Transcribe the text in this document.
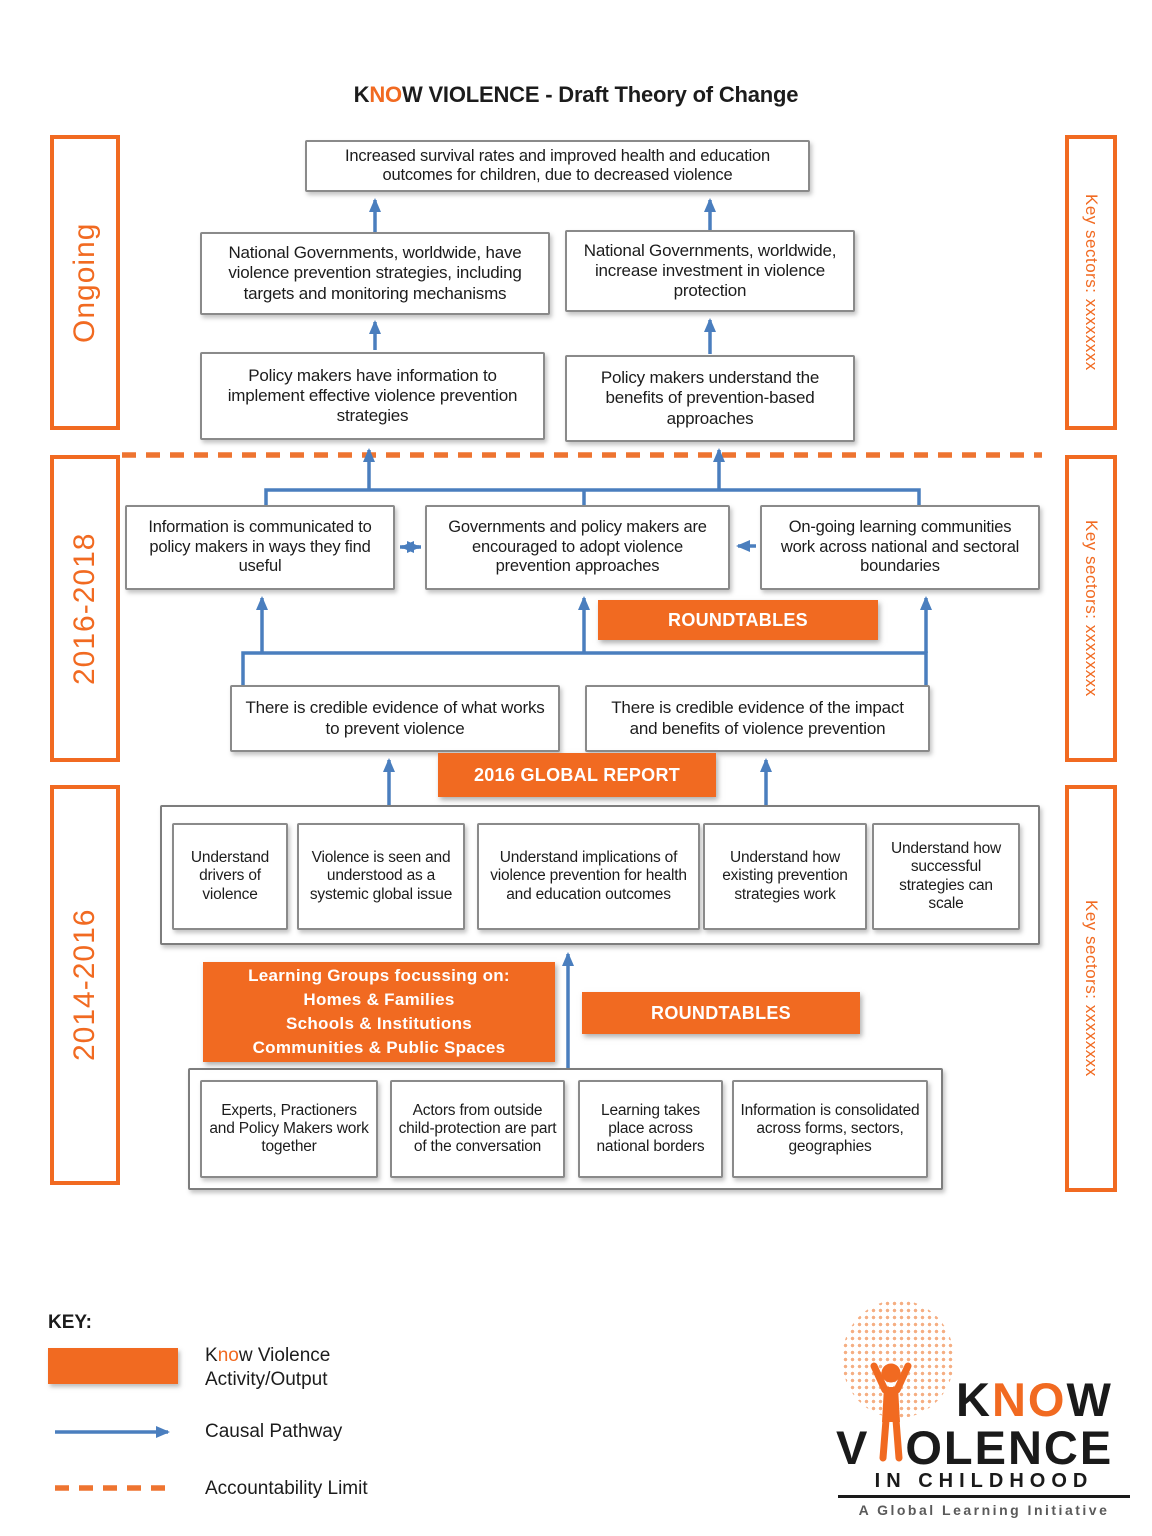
KNOW VIOLENCE - Draft Theory of Change
Ongoing
2016-2018
2014-2016
Key sectors: xxxxxxxx
Key sectors: xxxxxxxx
Key sectors: xxxxxxxx
Increased survival rates and improved health and education outcomes for children, due to decreased violence
National Governments, worldwide, have violence prevention strategies, including targets and monitoring mechanisms
National Governments, worldwide, increase investment in violence protection
Policy makers have information to implement effective violence prevention strategies
Policy makers understand the benefits of prevention-based approaches
Information is communicated to policy makers in ways they find useful
Governments and policy makers are encouraged to adopt violence prevention approaches
On-going learning communities work across national and sectoral boundaries
ROUNDTABLES
There is credible evidence of what works to prevent violence
There is credible evidence of the impact and benefits of violence prevention
2016 GLOBAL REPORT
Understand drivers of violence
Violence is seen and understood as a systemic global issue
Understand implications of violence prevention for health and education outcomes
Understand how existing prevention strategies work
Understand how successful strategies can scale
Learning Groups focussing on:
Homes & Families
Schools & Institutions
Communities & Public Spaces
ROUNDTABLES
Experts, Practioners and Policy Makers work together
Actors from outside child-protection are part of the conversation
Learning takes place across national borders
Information is consolidated across forms, sectors, geographies
KEY:
Know Violence
Activity/Output
Causal Pathway
Accountability Limit
KNOW
V OLENCE
IN CHILDHOOD
A Global Learning Initiative
